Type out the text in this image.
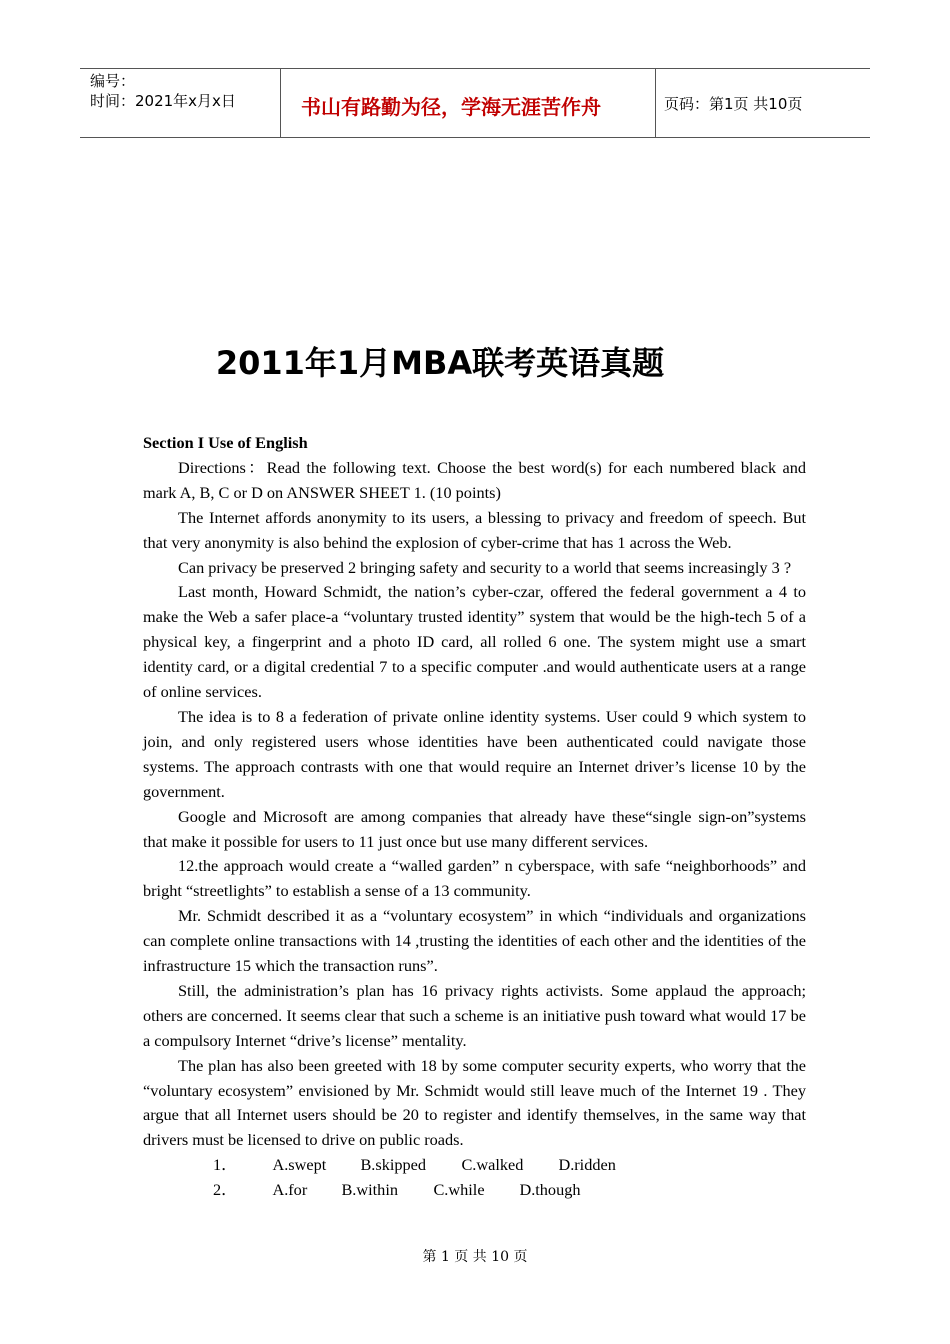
编号：
时间：2021年x月x日	书山有路勤为径，学海无涯苦作舟	页码：第1页 共10页
2011年1月MBA联考英语真题

Section I Use of English

Directions：Read the following text. Choose the best word(s) for each numbered black and mark A, B, C or D on ANSWER SHEET 1. (10 points)

The Internet affords anonymity to its users, a blessing to privacy and freedom of speech. But that very anonymity is also behind the explosion of cyber-crime that has 1 across the Web.

Can privacy be preserved 2 bringing safety and security to a world that seems increasingly 3 ?

Last month, Howard Schmidt, the nation’s cyber-czar, offered the federal government a 4 to make the Web a safer place-a “voluntary trusted identity” system that would be the high-tech 5 of a physical key, a fingerprint and a photo ID card, all rolled 6 one. The system might use a smart identity card, or a digital credential 7 to a specific computer .and would authenticate users at a range of online services.

The idea is to 8 a federation of private online identity systems. User could 9 which system to join, and only registered users whose identities have been authenticated could navigate those systems. The approach contrasts with one that would require an Internet driver’s license 10 by the government.

Google and Microsoft are among companies that already have these“single sign-on”systems that make it possible for users to 11 just once but use many different services.

12.the approach would create a “walled garden” n cyberspace, with safe “neighborhoods” and bright “streetlights” to establish a sense of a 13 community.

Mr. Schmidt described it as a “voluntary ecosystem” in which “individuals and organizations can complete online transactions with 14 ,trusting the identities of each other and the identities of the infrastructure 15 which the transaction runs”.

Still, the administration’s plan has 16 privacy rights activists. Some applaud the approach; others are concerned. It seems clear that such a scheme is an initiative push toward what would 17 be a compulsory Internet “drive’s license” mentality.

The plan has also been greeted with 18 by some computer security experts, who worry that the “voluntary ecosystem” envisioned by Mr. Schmidt would still leave much of the Internet 19 . They argue that all Internet users should be 20 to register and identify themselves, in the same way that drivers must be licensed to drive on public roads.

1． A.swept B.skipped C.walked D.ridden

2． A.for B.within C.while D.though

第 1 页 共 10 页
